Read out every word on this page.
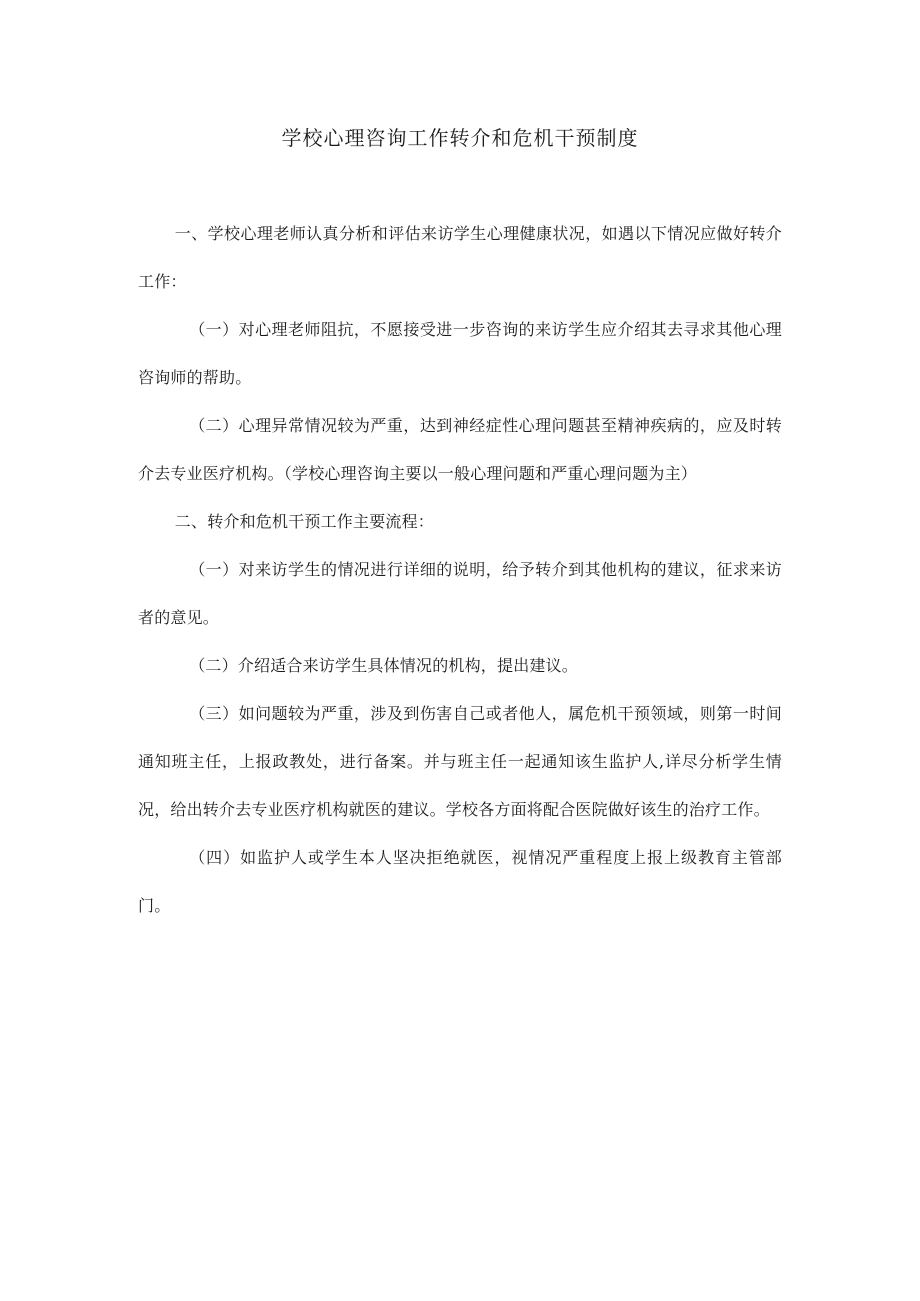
学校心理咨询工作转介和危机干预制度

一、学校心理老师认真分析和评估来访学生心理健康状况，如遇以下情况应做好转介工作：

（一）对心理老师阻抗，不愿接受进一步咨询的来访学生应介绍其去寻求其他心理咨询师的帮助。

（二）心理异常情况较为严重，达到神经症性心理问题甚至精神疾病的，应及时转介去专业医疗机构。（学校心理咨询主要以一般心理问题和严重心理问题为主）

二、转介和危机干预工作主要流程：

（一）对来访学生的情况进行详细的说明，给予转介到其他机构的建议，征求来访者的意见。

（二）介绍适合来访学生具体情况的机构，提出建议。

（三）如问题较为严重，涉及到伤害自己或者他人，属危机干预领域，则第一时间通知班主任，上报政教处，进行备案。并与班主任一起通知该生监护人,详尽分析学生情况，给出转介去专业医疗机构就医的建议。学校各方面将配合医院做好该生的治疗工作。

（四）如监护人或学生本人坚决拒绝就医，视情况严重程度上报上级教育主管部门。
